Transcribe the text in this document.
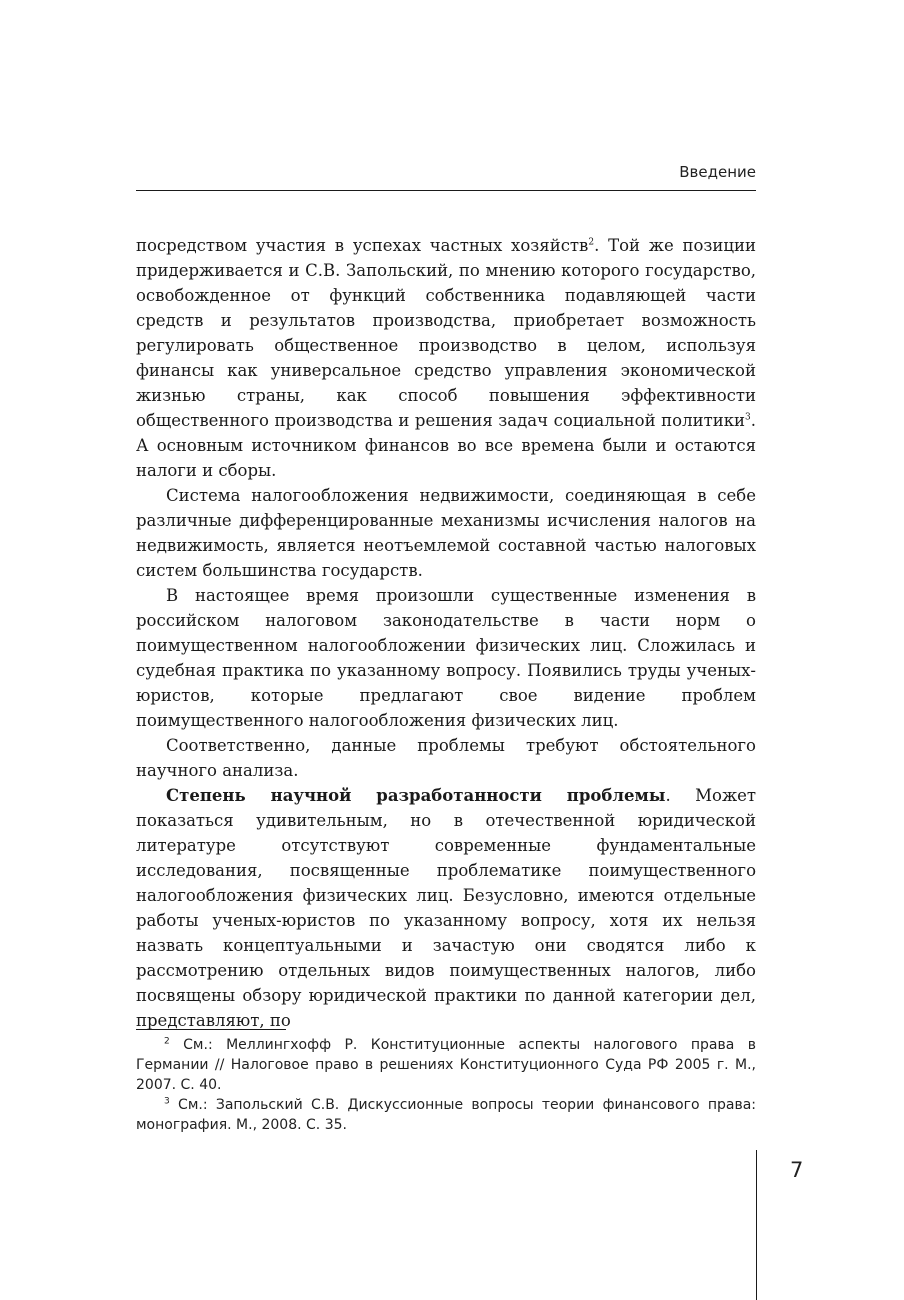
Введение

посредством участия в успехах частных хозяйств$^2$. Той же позиции придерживается и С.В. Запольский, по мнению которого государство, освобожденное от функций собственника подавляющей части средств и результатов производства, приобретает возможность регулировать общественное производство в целом, используя финансы как универсальное средство управления экономической жизнью страны, как способ повышения эффективности общественного производства и решения задач социальной политики$^3$. А основным источником финансов во все времена были и остаются налоги и сборы.

Система налогообложения недвижимости, соединяющая в себе различные дифференцированные механизмы исчисления налогов на недвижимость, является неотъемлемой составной частью налоговых систем большинства государств.

В настоящее время произошли существенные изменения в российском налоговом законодательстве в части норм о поимущественном налогообложении физических лиц. Сложилась и судебная практика по указанному вопросу. Появились труды ученых-юристов, которые предлагают свое видение проблем поимущественного налогообложения физических лиц.

Соответственно, данные проблемы требуют обстоятельного научного анализа.

Степень научной разработанности проблемы. Может показаться удивительным, но в отечественной юридической литературе отсутствуют современные фундаментальные исследования, посвященные проблематике поимущественного налогообложения физических лиц. Безусловно, имеются отдельные работы ученых-юристов по указанному вопросу, хотя их нельзя назвать концептуальными и зачастую они сводятся либо к рассмотрению отдельных видов поимущественных налогов, либо посвящены обзору юридической практики по данной категории дел, представляют, по

$^2$ См.: Меллингхофф Р. Конституционные аспекты налогового права в Германии // Налоговое право в решениях Конституционного Суда РФ 2005 г. М., 2007. С. 40.

$^3$ См.: Запольский С.В. Дискуссионные вопросы теории финансового права: монография. М., 2008. С. 35.

7
